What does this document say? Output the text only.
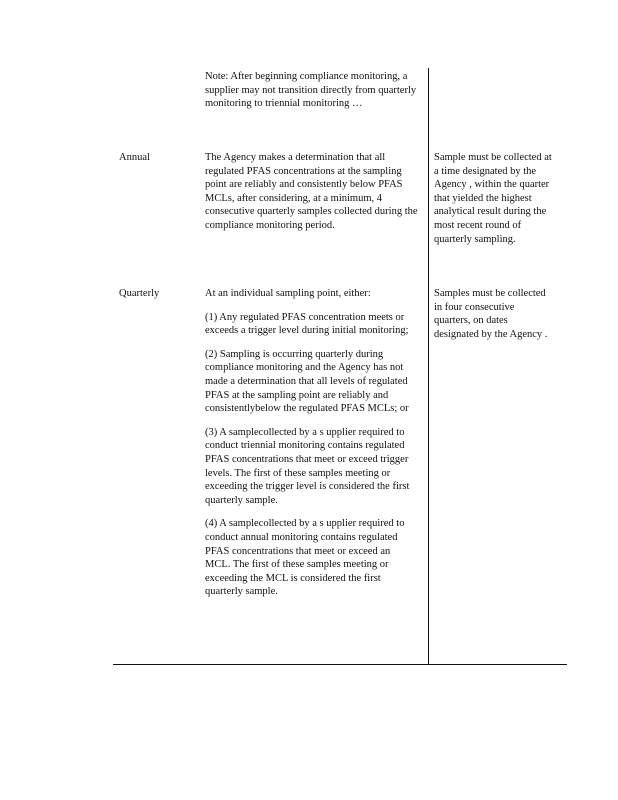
Note: After beginning compliance monitoring, a supplier may not transition directly from quarterly monitoring to triennial monitoring …

Annual	The Agency makes a determination that all regulated PFAS concentrations at the sampling point are reliably and consistently below PFAS MCLs, after considering, at a minimum, 4 consecutive quarterly samples collected during the compliance monitoring period.

Sample must be collected at a time designated by the Agency , within the quarter that yielded the highest analytical result during the most recent round of quarterly sampling.
Quarterly	At an individual sampling point, either:

(1) Any regulated PFAS concentration meets or exceeds a trigger level during initial monitoring;

(2) Sampling is occurring quarterly during compliance monitoring and the Agency has not made a determination that all levels of regulated PFAS at the sampling point are reliably and consistentlybelow the regulated PFAS MCLs; or

(3) A samplecollected by a s upplier required to conduct triennial monitoring contains regulated PFAS concentrations that meet or exceed trigger levels. The first of these samples meeting or exceeding the trigger level is considered the first quarterly sample.

(4) A samplecollected by a s upplier required to conduct annual monitoring contains regulated PFAS concentrations that meet or exceed an MCL. The first of these samples meeting or exceeding the MCL is considered the first quarterly sample.

Samples must be collected in four consecutive quarters, on dates designated by the Agency .
